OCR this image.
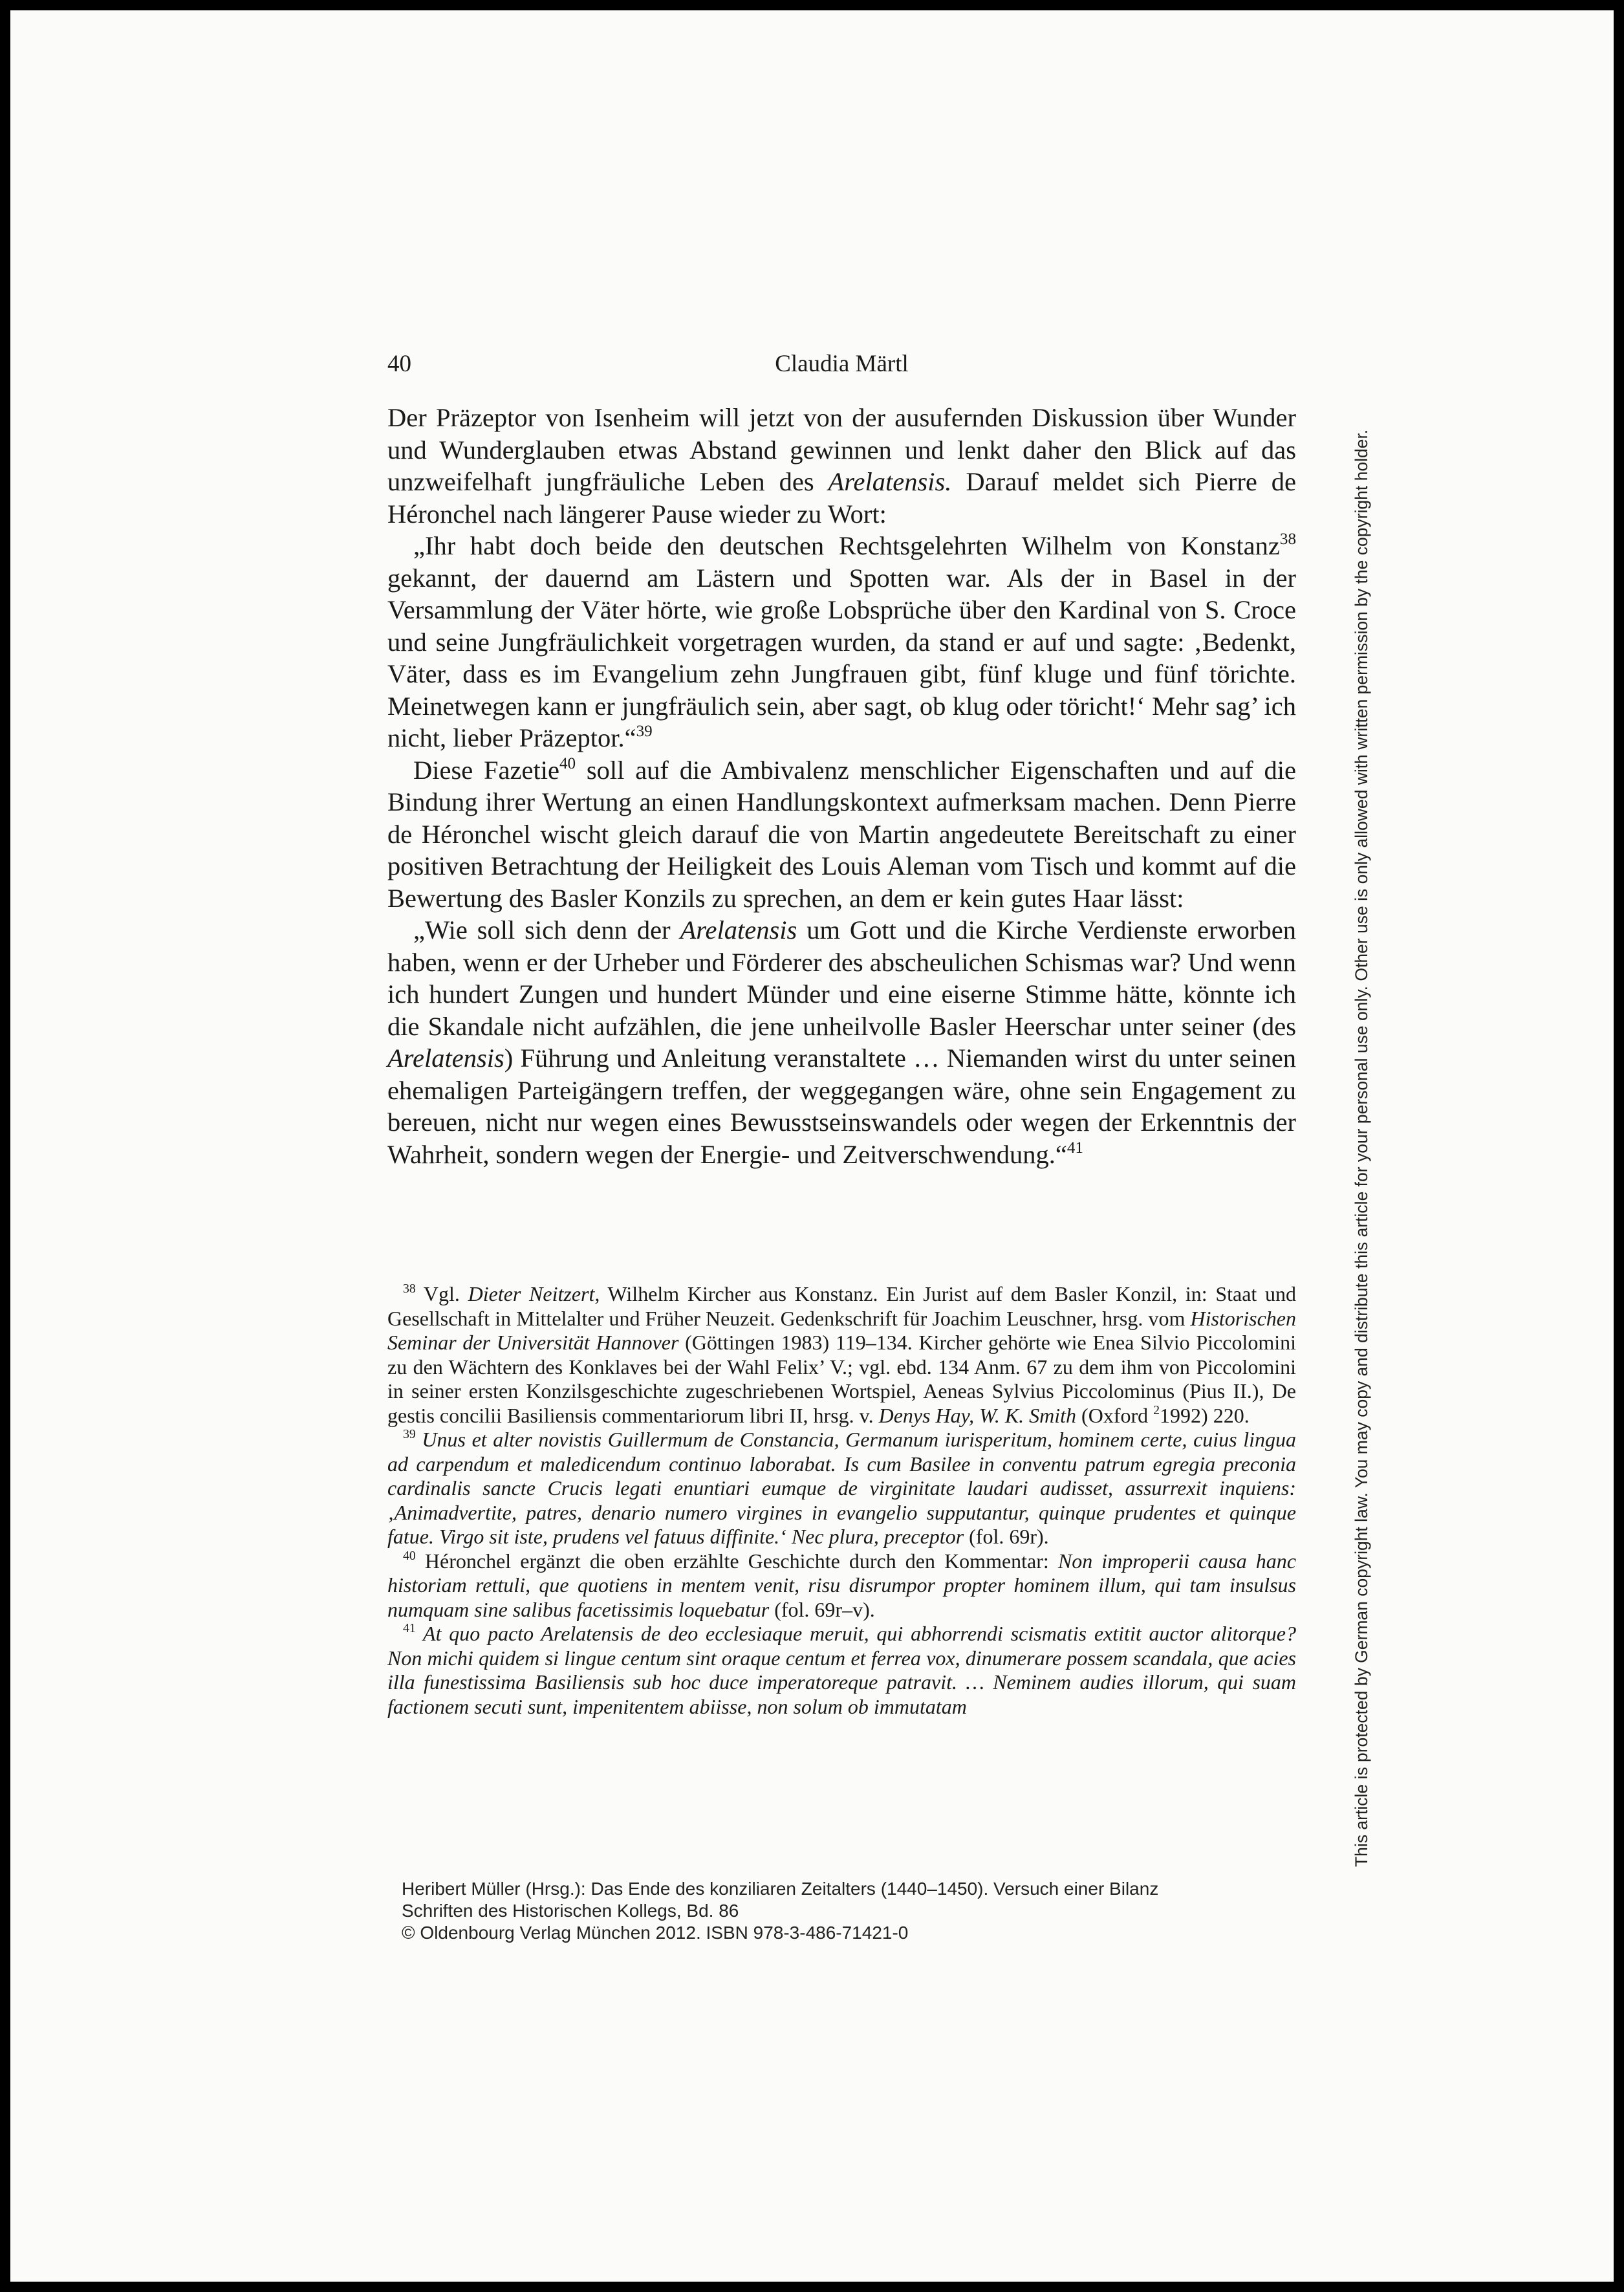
40	Claudia Märtl

Der Präzeptor von Isenheim will jetzt von der ausufernden Diskussion über Wunder und Wunderglauben etwas Abstand gewinnen und lenkt daher den Blick auf das unzweifelhaft jungfräuliche Leben des Arelatensis. Darauf meldet sich Pierre de Héronchel nach längerer Pause wieder zu Wort:

„Ihr habt doch beide den deutschen Rechtsgelehrten Wilhelm von Konstanz$^{38}$ gekannt, der dauernd am Lästern und Spotten war. Als der in Basel in der Versammlung der Väter hörte, wie große Lobsprüche über den Kardinal von S. Croce und seine Jungfräulichkeit vorgetragen wurden, da stand er auf und sagte: ‚Bedenkt, Väter, dass es im Evangelium zehn Jungfrauen gibt, fünf kluge und fünf törichte. Meinetwegen kann er jungfräulich sein, aber sagt, ob klug oder töricht!‘ Mehr sag’ ich nicht, lieber Präzeptor.“$^{39}$

Diese Fazetie$^{40}$ soll auf die Ambivalenz menschlicher Eigenschaften und auf die Bindung ihrer Wertung an einen Handlungskontext aufmerksam machen. Denn Pierre de Héronchel wischt gleich darauf die von Martin angedeutete Bereitschaft zu einer positiven Betrachtung der Heiligkeit des Louis Aleman vom Tisch und kommt auf die Bewertung des Basler Konzils zu sprechen, an dem er kein gutes Haar lässt:

„Wie soll sich denn der Arelatensis um Gott und die Kirche Verdienste erworben haben, wenn er der Urheber und Förderer des abscheulichen Schismas war? Und wenn ich hundert Zungen und hundert Münder und eine eiserne Stimme hätte, könnte ich die Skandale nicht aufzählen, die jene unheilvolle Basler Heerschar unter seiner (des Arelatensis) Führung und Anleitung veranstaltete … Niemanden wirst du unter seinen ehemaligen Parteigängern treffen, der weggegangen wäre, ohne sein Engagement zu bereuen, nicht nur wegen eines Bewusstseinswandels oder wegen der Erkenntnis der Wahrheit, sondern wegen der Energie- und Zeitverschwendung.“$^{41}$

$^{38}$ Vgl. Dieter Neitzert, Wilhelm Kircher aus Konstanz. Ein Jurist auf dem Basler Konzil, in: Staat und Gesellschaft in Mittelalter und Früher Neuzeit. Gedenkschrift für Joachim Leuschner, hrsg. vom Historischen Seminar der Universität Hannover (Göttingen 1983) 119–134. Kircher gehörte wie Enea Silvio Piccolomini zu den Wächtern des Konklaves bei der Wahl Felix’ V.; vgl. ebd. 134 Anm. 67 zu dem ihm von Piccolomini in seiner ersten Konzilsgeschichte zugeschriebenen Wortspiel, Aeneas Sylvius Piccolominus (Pius II.), De gestis concilii Basiliensis commentariorum libri II, hrsg. v. Denys Hay, W. K. Smith (Oxford $^2$1992) 220.

$^{39}$ Unus et alter novistis Guillermum de Constancia, Germanum iurisperitum, hominem certe, cuius lingua ad carpendum et maledicendum continuo laborabat. Is cum Basilee in conventu patrum egregia preconia cardinalis sancte Crucis legati enuntiari eumque de virginitate laudari audisset, assurrexit inquiens: ‚Animadvertite, patres, denario numero virgines in evangelio supputantur, quinque prudentes et quinque fatue. Virgo sit iste, prudens vel fatuus diffinite.‘ Nec plura, preceptor (fol. 69r).

$^{40}$ Héronchel ergänzt die oben erzählte Geschichte durch den Kommentar: Non improperii causa hanc historiam rettuli, que quotiens in mentem venit, risu disrumpor propter hominem illum, qui tam insulsus numquam sine salibus facetissimis loquebatur (fol. 69r–v).

$^{41}$ At quo pacto Arelatensis de deo ecclesiaque meruit, qui abhorrendi scismatis extitit auctor alitorque? Non michi quidem si lingue centum sint oraque centum et ferrea vox, dinumerare possem scandala, que acies illa funestissima Basiliensis sub hoc duce imperatoreque patravit. … Neminem audies illorum, qui suam factionem secuti sunt, impenitentem abiisse, non solum ob immutatam

Heribert Müller (Hrsg.): Das Ende des konziliaren Zeitalters (1440–1450). Versuch einer Bilanz
Schriften des Historischen Kollegs, Bd. 86
© Oldenbourg Verlag München 2012. ISBN 978-3-486-71421-0
This article is protected by German copyright law. You may copy and distribute this article for your personal use only. Other use is only allowed with written permission by the copyright holder.
